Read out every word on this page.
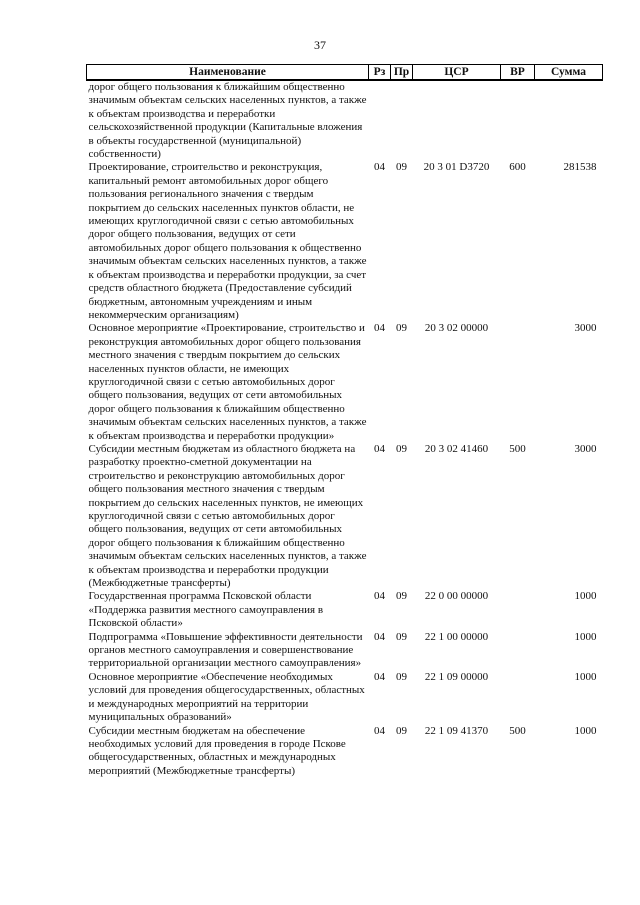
37
Наименование	Рз	Пр	ЦСР	ВР	Сумма
дорог общего пользования к ближайшим общественно значимым объектам сельских населенных пунктов, а также к объектам производства и переработки сельскохозяйственной продукции (Капитальные вложения в объекты государственной (муниципальной) собственности)					
Проектирование, строительство и реконструкция, капитальный ремонт автомобильных дорог общего пользования регионального значения с твердым покрытием до сельских населенных пунктов области, не имеющих круглогодичной связи с сетью автомобильных дорог общего пользования, ведущих от сети автомобильных дорог общего пользования к общественно значимым объектам сельских населенных пунктов, а также к объектам производства и переработки продукции, за счет средств областного бюджета (Предоставление субсидий бюджетным, автономным учреждениям и иным некоммерческим организациям)	04	09	20 3 01 D3720	600	281538
Основное мероприятие «Проектирование, строительство и реконструкция автомобильных дорог общего пользования местного значения с твердым покрытием до сельских населенных пунктов области, не имеющих круглогодичной связи с сетью автомобильных дорог общего пользования, ведущих от сети автомобильных дорог общего пользования к ближайшим общественно значимым объектам сельских населенных пунктов, а также к объектам производства и переработки продукции»	04	09	20 3 02 00000		3000
Субсидии местным бюджетам из областного бюджета на разработку проектно-сметной документации на строительство и реконструкцию автомобильных дорог общего пользования местного значения с твердым покрытием до сельских населенных пунктов, не имеющих круглогодичной связи с сетью автомобильных дорог общего пользования, ведущих от сети автомобильных дорог общего пользования к ближайшим общественно значимым объектам сельских населенных пунктов, а также к объектам производства и переработки продукции (Межбюджетные трансферты)	04	09	20 3 02 41460	500	3000
Государственная программа Псковской области «Поддержка развития местного самоуправления в Псковской области»	04	09	22 0 00 00000		1000
Подпрограмма «Повышение эффективности деятельности органов местного самоуправления и совершенствование территориальной организации местного самоуправления»	04	09	22 1 00 00000		1000
Основное мероприятие «Обеспечение необходимых условий для проведения общегосударственных, областных и международных мероприятий на территории муниципальных образований»	04	09	22 1 09 00000		1000
Субсидии местным бюджетам на обеспечение необходимых условий для проведения в городе Пскове общегосударственных, областных и международных мероприятий (Межбюджетные трансферты)	04	09	22 1 09 41370	500	1000
